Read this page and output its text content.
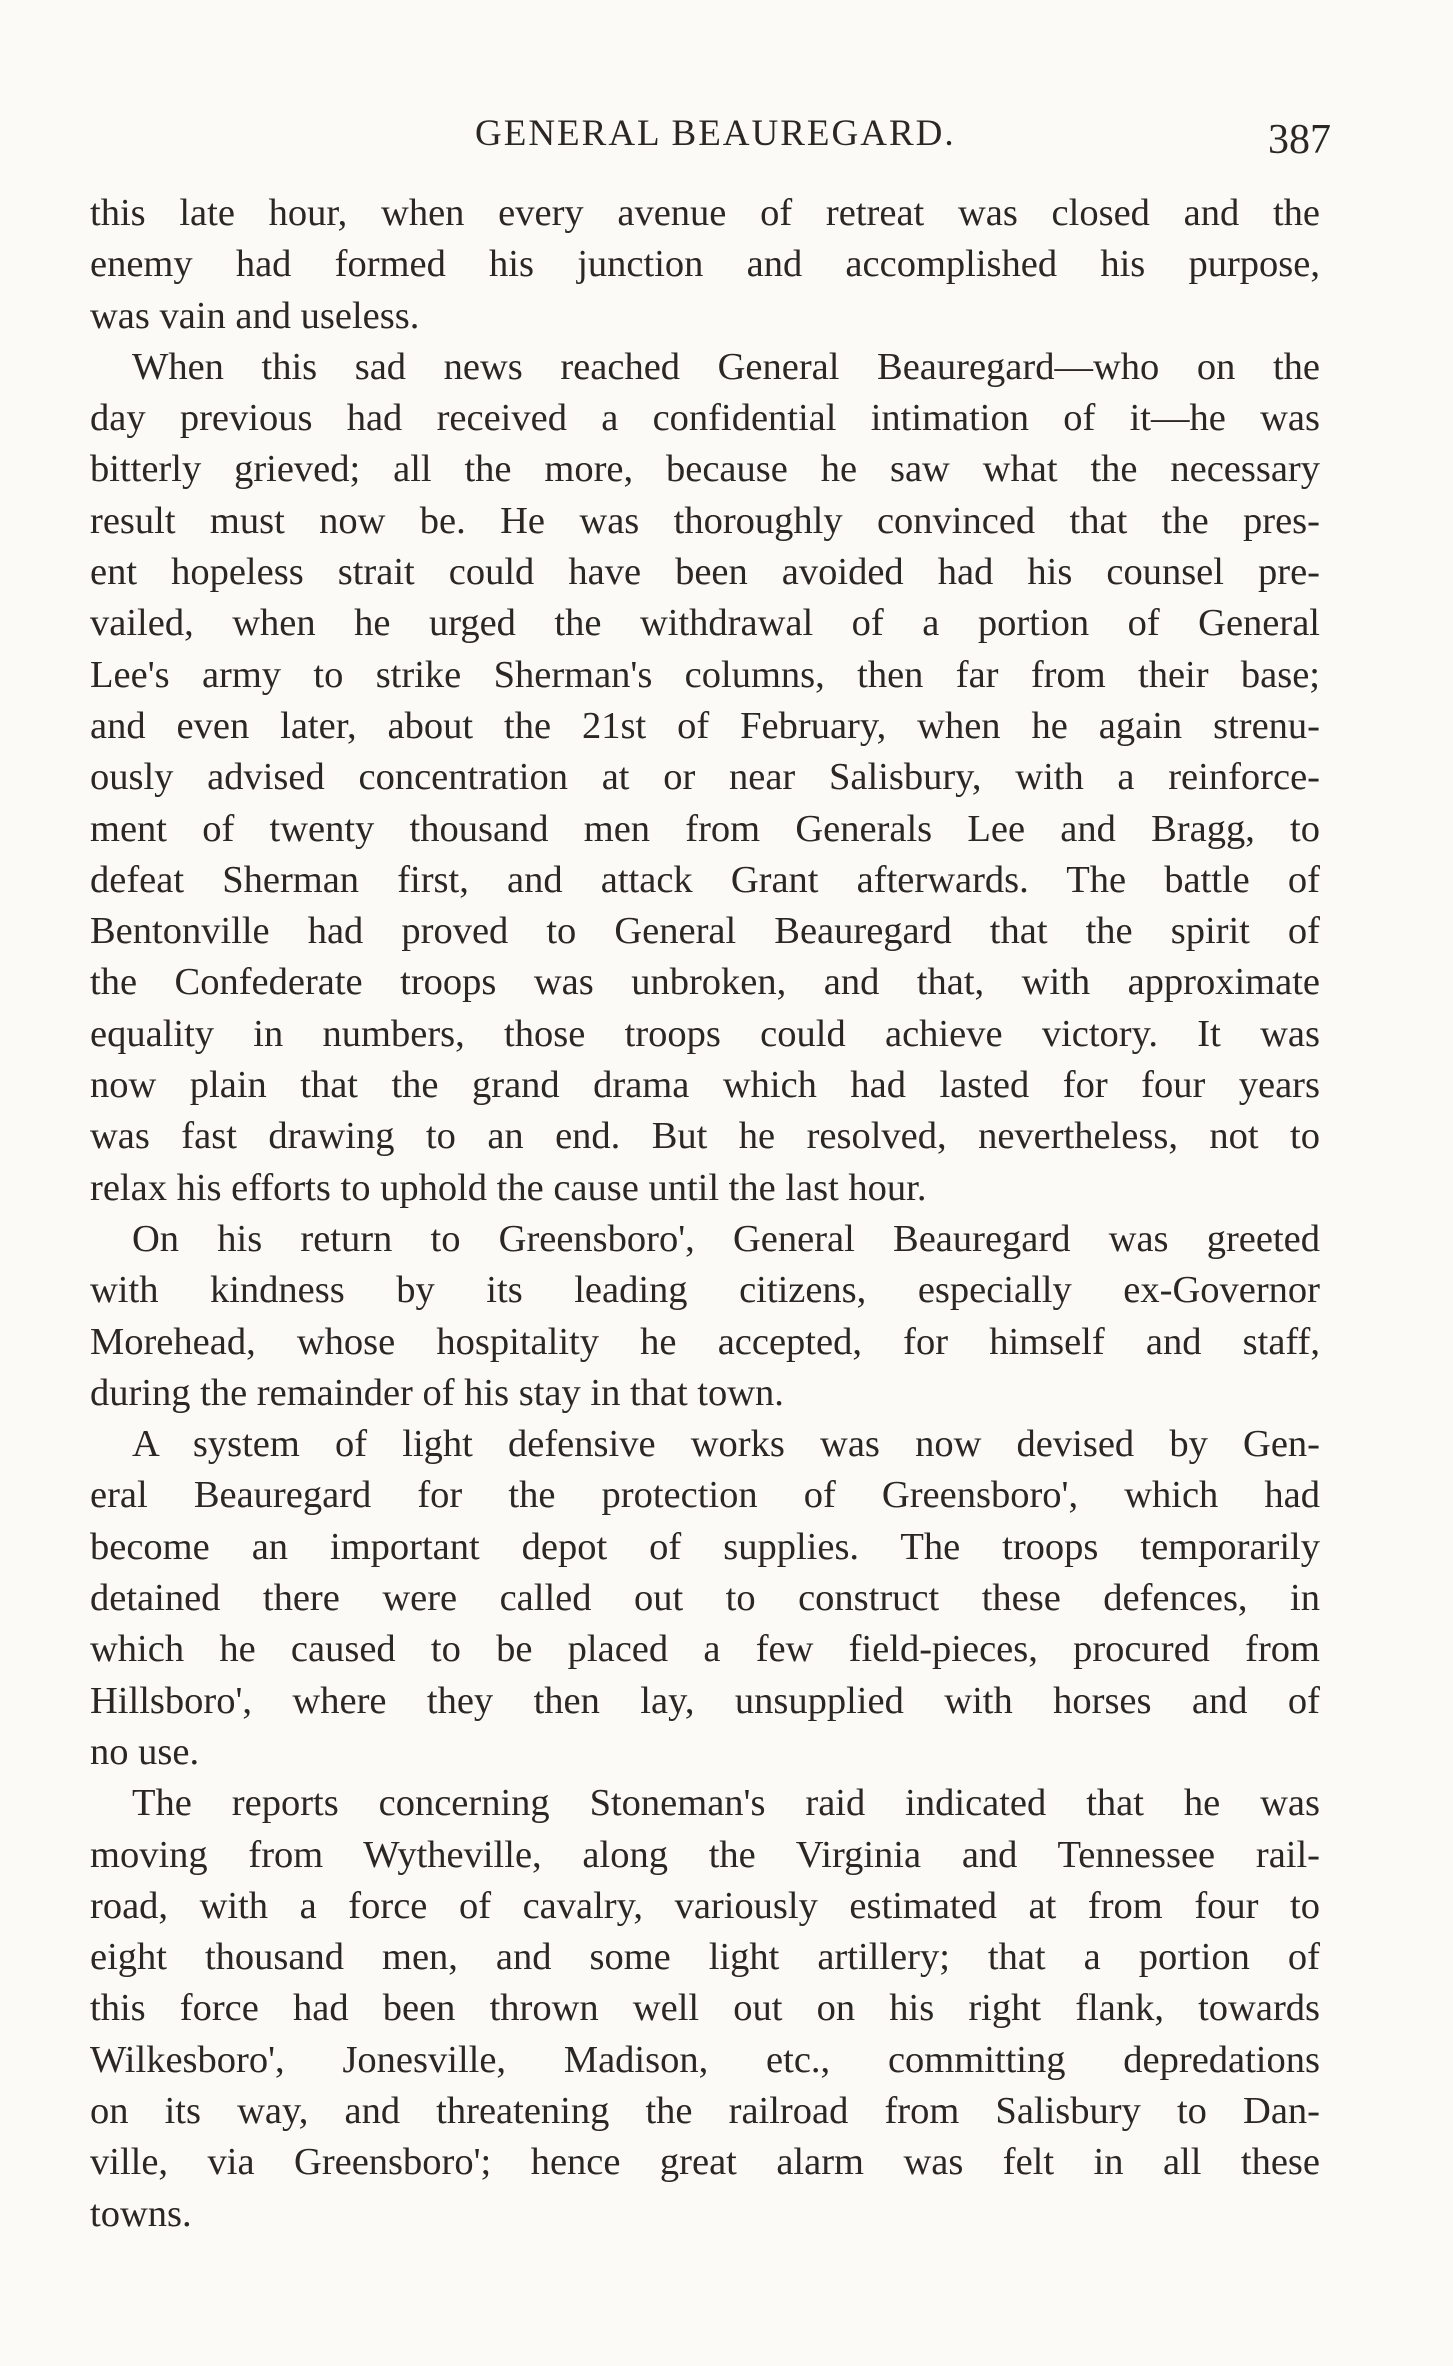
GENERAL BEAUREGARD.	387
this late hour, when every avenue of retreat was closed and the
enemy had formed his junction and accomplished his purpose,
was vain and useless.
When this sad news reached General Beauregard—who on the
day previous had received a confidential intimation of it—he was
bitterly grieved; all the more, because he saw what the necessary
result must now be. He was thoroughly convinced that the pres-
ent hopeless strait could have been avoided had his counsel pre-
vailed, when he urged the withdrawal of a portion of General
Lee's army to strike Sherman's columns, then far from their base;
and even later, about the 21st of February, when he again strenu-
ously advised concentration at or near Salisbury, with a reinforce-
ment of twenty thousand men from Generals Lee and Bragg, to
defeat Sherman first, and attack Grant afterwards. The battle of
Bentonville had proved to General Beauregard that the spirit of
the Confederate troops was unbroken, and that, with approximate
equality in numbers, those troops could achieve victory. It was
now plain that the grand drama which had lasted for four years
was fast drawing to an end. But he resolved, nevertheless, not to
relax his efforts to uphold the cause until the last hour.
On his return to Greensboro', General Beauregard was greeted
with kindness by its leading citizens, especially ex-Governor
Morehead, whose hospitality he accepted, for himself and staff,
during the remainder of his stay in that town.
A system of light defensive works was now devised by Gen-
eral Beauregard for the protection of Greensboro', which had
become an important depot of supplies. The troops temporarily
detained there were called out to construct these defences, in
which he caused to be placed a few field-pieces, procured from
Hillsboro', where they then lay, unsupplied with horses and of
no use.
The reports concerning Stoneman's raid indicated that he was
moving from Wytheville, along the Virginia and Tennessee rail-
road, with a force of cavalry, variously estimated at from four to
eight thousand men, and some light artillery; that a portion of
this force had been thrown well out on his right flank, towards
Wilkesboro', Jonesville, Madison, etc., committing depredations
on its way, and threatening the railroad from Salisbury to Dan-
ville, via Greensboro'; hence great alarm was felt in all these
towns.
